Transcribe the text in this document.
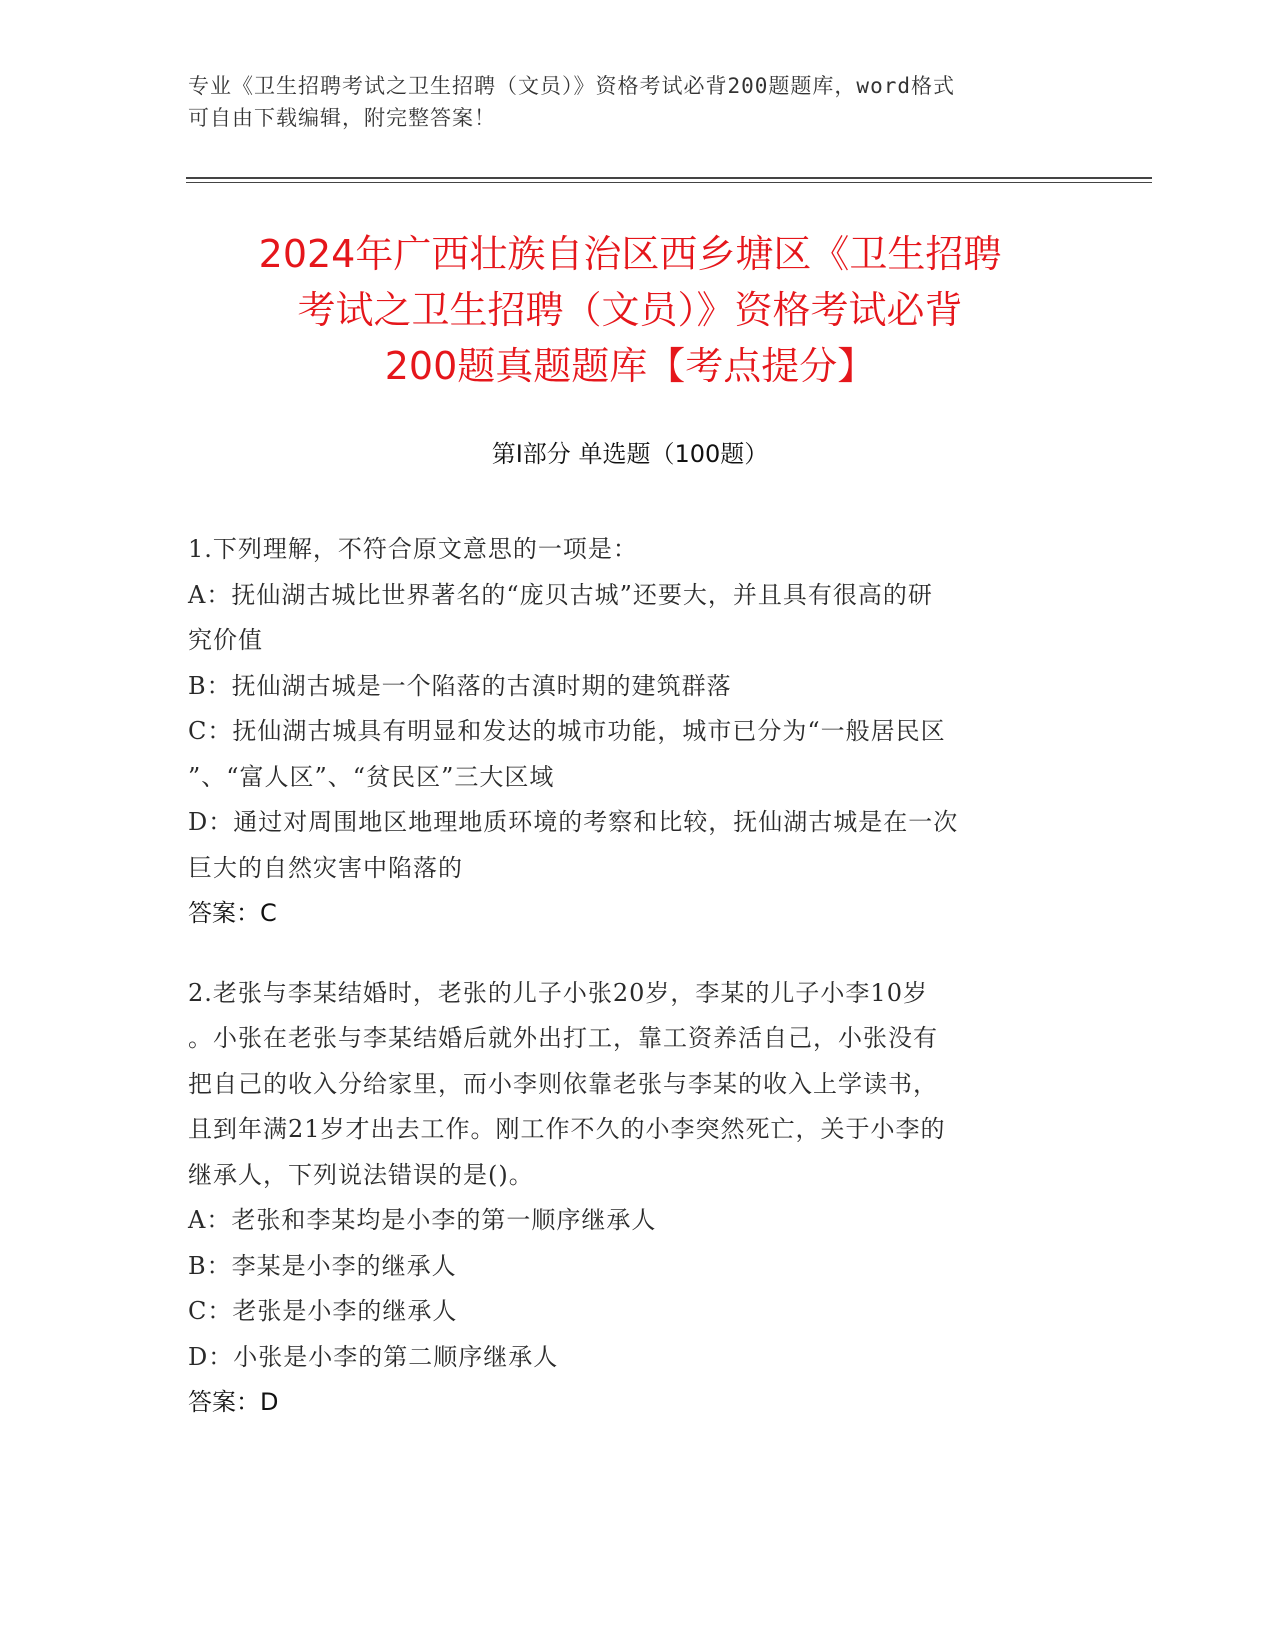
专业《卫生招聘考试之卫生招聘（文员）》资格考试必背200题题库，word格式
可自由下载编辑，附完整答案！
2024年广西壮族自治区西乡塘区《卫生招聘
考试之卫生招聘（文员）》资格考试必背
200题真题题库【考点提分】
第Ⅰ部分 单选题（100题）

1.下列理解，不符合原文意思的一项是：

A：抚仙湖古城比世界著名的“庞贝古城”还要大，并且具有很高的研

究价值

B：抚仙湖古城是一个陷落的古滇时期的建筑群落

C：抚仙湖古城具有明显和发达的城市功能，城市已分为“一般居民区

”、“富人区”、“贫民区”三大区域

D：通过对周围地区地理地质环境的考察和比较，抚仙湖古城是在一次

巨大的自然灾害中陷落的

答案：C

2.老张与李某结婚时，老张的儿子小张20岁，李某的儿子小李10岁

。小张在老张与李某结婚后就外出打工，靠工资养活自己，小张没有

把自己的收入分给家里，而小李则依靠老张与李某的收入上学读书，

且到年满21岁才出去工作。刚工作不久的小李突然死亡，关于小李的

继承人，下列说法错误的是()。

A：老张和李某均是小李的第一顺序继承人

B：李某是小李的继承人

C：老张是小李的继承人

D：小张是小李的第二顺序继承人

答案：D
